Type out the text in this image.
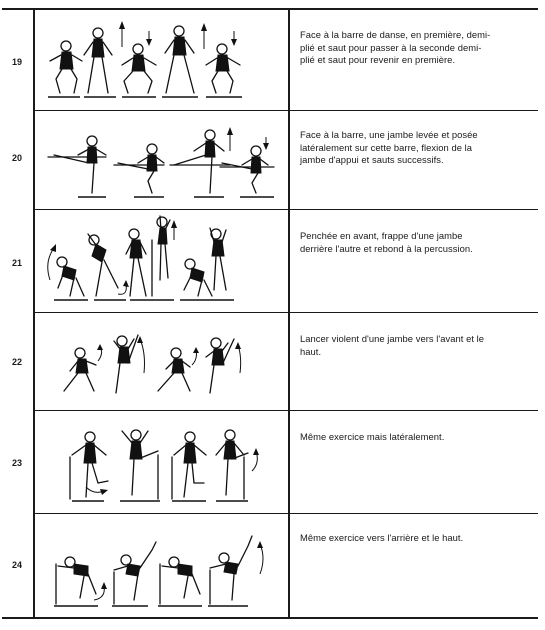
19
Face à la barre de danse, en première, demi-
plié et saut pour passer à la seconde demi-
plié et saut pour revenir en première.
20
Face à la barre, une jambe levée et posée
latéralement sur cette barre, flexion de la
jambe d'appui et sauts successifs.
21
Penchée en avant, frappe d'une jambe
derrière l'autre et rebond à la percussion.
22
Lancer violent d'une jambe vers l'avant et le
haut.
23
Même exercice mais latéralement.
24
Même exercice vers l'arrière et le haut.
